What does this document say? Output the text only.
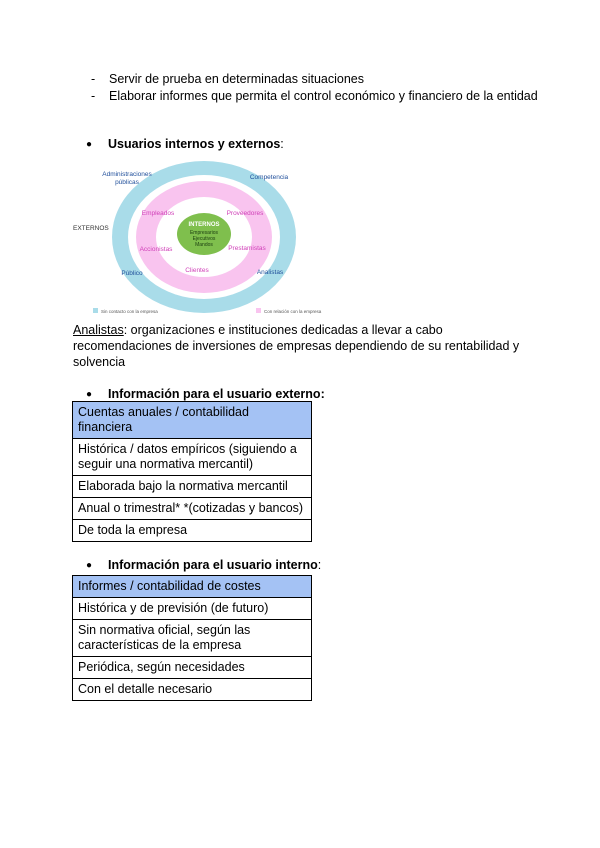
- Servir de prueba en determinadas situaciones
- Elaborar informes que permita el control económico y financiero de la entidad
● Usuarios internos y externos:
EXTERNOS
Administraciones
públicas
Competencia
Público	Analistas
Empleados	Proveedores
Accionistas	Prestamistas
Clientes
INTERNOS
Empresarios
Ejecutivos
Mandos
Sin contacto con la empresa	Con relación con la empresa
Analistas: organizaciones e instituciones dedicadas a llevar a cabo recomendaciones de inversiones de empresas dependiendo de su rentabilidad y solvencia
● Información para el usuario externo:
Cuentas anuales / contabilidad financiera
Histórica / datos empíricos (siguiendo a seguir una normativa mercantil)
Elaborada bajo la normativa mercantil
Anual o trimestral* *(cotizadas y bancos)
De toda la empresa
● Información para el usuario interno:
Informes / contabilidad de costes
Histórica y de previsión (de futuro)
Sin normativa oficial, según las características de la empresa
Periódica, según necesidades
Con el detalle necesario
